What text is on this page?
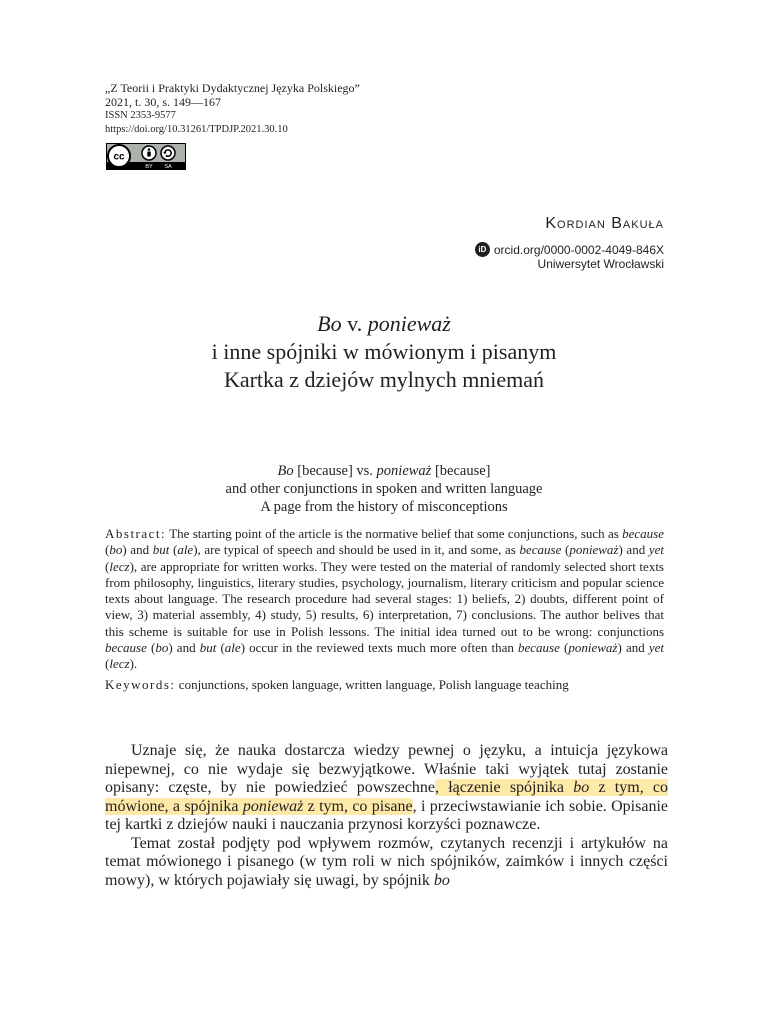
„Z Teorii i Praktyki Dydaktycznej Języka Polskiego”
2021, t. 30, s. 149—167
ISSN 2353-9577
https://doi.org/10.31261/TPDJP.2021.30.10
cc
BY SA
Kordian Bakuła
iD orcid.org/0000-0002-4049-846X
Uniwersytet Wrocławski
Bo v. ponieważ
i inne spójniki w mówionym i pisanym
Kartka z dziejów mylnych mniemań
Bo [because] vs. ponieważ [because]
and other conjunctions in spoken and written language
A page from the history of misconceptions
Abstract: The starting point of the article is the normative belief that some conjunctions, such as because (bo) and but (ale), are typical of speech and should be used in it, and some, as because (ponieważ) and yet (lecz), are appropriate for written works. They were tested on the material of randomly selected short texts from philosophy, linguistics, literary studies, psychology, journalism, literary criticism and popular science texts about language. The research procedure had several stages: 1) beliefs, 2) doubts, different point of view, 3) material assembly, 4) study, 5) results, 6) interpretation, 7) conclusions. The author belives that this scheme is suitable for use in Polish lessons. The initial idea turned out to be wrong: conjunctions because (bo) and but (ale) occur in the reviewed texts much more often than because (ponieważ) and yet (lecz).
Keywords: conjunctions, spoken language, written language, Polish language teaching

Uznaje się, że nauka dostarcza wiedzy pewnej o języku, a intuicja językowa niepewnej, co nie wydaje się bezwyjątkowe. Właśnie taki wyjątek tutaj zostanie opisany: częste, by nie powiedzieć powszechne, łączenie spójnika bo z tym, co mówione, a spójnika ponieważ z tym, co pisane, i przeciwstawianie ich sobie. Opisanie tej kartki z dziejów nauki i nauczania przynosi korzyści poznawcze.

Temat został podjęty pod wpływem rozmów, czytanych recenzji i artykułów na temat mówionego i pisanego (w tym roli w nich spójników, zaimków i innych części mowy), w których pojawiały się uwagi, by spójnik bo
